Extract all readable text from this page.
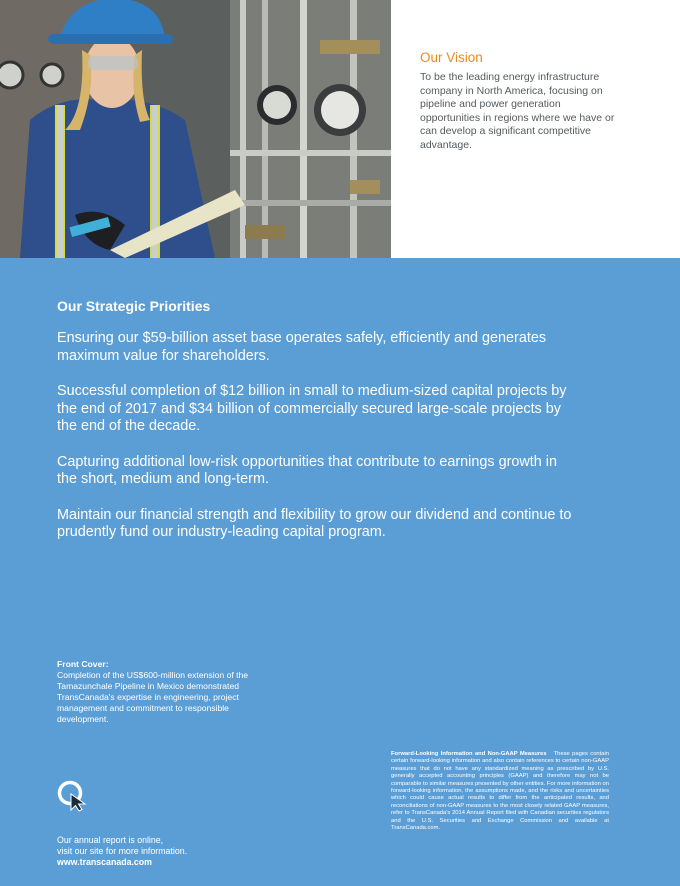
Our Vision

To be the leading energy infrastructure company in North America, focusing on pipeline and power generation opportunities in regions where we have or can develop a significant competitive advantage.

Our Strategic Priorities

Ensuring our $59-billion asset base operates safely, efficiently and generates maximum value for shareholders.

Successful completion of $12 billion in small to medium-sized capital projects by the end of 2017 and $34 billion of commercially secured large-scale projects by the end of the decade.

Capturing additional low-risk opportunities that contribute to earnings growth in the short, medium and long-term.

Maintain our financial strength and flexibility to grow our dividend and continue to prudently fund our industry-leading capital program.

Front Cover:
Completion of the US$600-million extension of the Tamazunchale Pipeline in Mexico demonstrated TransCanada's expertise in engineering, project management and commitment to responsible development.
Our annual report is online,
visit our site for more information.
www.transcanada.com
Forward-Looking Information and Non-GAAP Measures These pages contain certain forward-looking information and also contain references to certain non-GAAP measures that do not have any standardized meaning as prescribed by U.S. generally accepted accounting principles (GAAP) and therefore may not be comparable to similar measures presented by other entities. For more information on forward-looking information, the assumptions made, and the risks and uncertainties which could cause actual results to differ from the anticipated results, and reconciliations of non-GAAP measures to the most closely related GAAP measures, refer to TransCanada's 2014 Annual Report filed with Canadian securities regulators and the U.S. Securities and Exchange Commission and available at TransCanada.com.
